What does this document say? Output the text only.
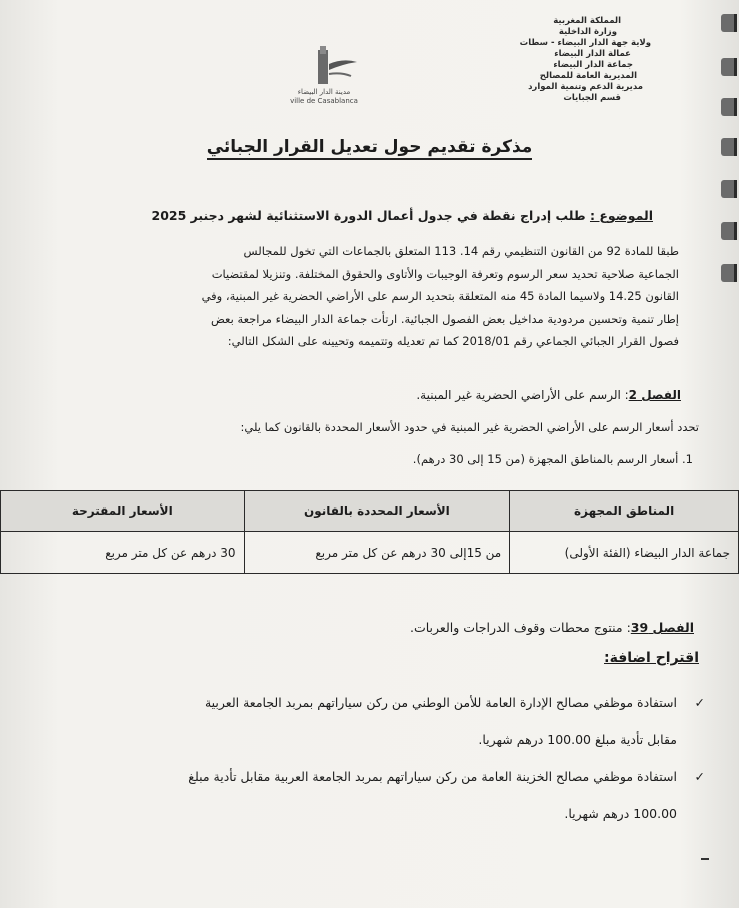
المملكة المغربية
وزارة الداخلية
ولاية جهة الدار البيضاء - سطات
عمالة الدار البيضاء
جماعة الدار البيضاء
المديرية العامة للمصالح
مديرية الدعم وتنمية الموارد
قسم الجبايات
مدينة الدار البيضاء
ville de Casablanca
مذكرة تقديم حول تعديل القرار الجبائي
الموضوع : طلب إدراج نقطة في جدول أعمال الدورة الاستثنائية لشهر دجنبر 2025
طبقا للمادة 92 من القانون التنظيمي رقم 14. 113 المتعلق بالجماعات التي تخول للمجالس
الجماعية صلاحية تحديد سعر الرسوم وتعرفة الوجيبات والأتاوى والحقوق المختلفة. وتنزيلا لمقتضيات
القانون 14.25 ولاسيما المادة 45 منه المتعلقة بتحديد الرسم على الأراضي الحضرية غير المبنية، وفي
إطار تنمية وتحسين مردودية مداخيل بعض الفصول الجبائية. ارتأت جماعة الدار البيضاء مراجعة بعض
فصول القرار الجبائي الجماعي رقم 2018/01 كما تم تعديله وتتميمه وتحيينه على الشكل التالي:
الفصل 2: الرسم على الأراضي الحضرية غير المبنية.
تحدد أسعار الرسم على الأراضي الحضرية غير المبنية في حدود الأسعار المحددة بالقانون كما يلي:
1. أسعار الرسم بالمناطق المجهزة (من 15 إلى 30 درهم).
المناطق المجهزة	الأسعار المحددة بالقانون	الأسعار المقترحة
جماعة الدار البيضاء (الفئة الأولى)	من 15إلى 30 درهم عن كل متر مربع	30 درهم عن كل متر مربع
الفصل 39: منتوج محطات وقوف الدراجات والعربات.
اقتراح اضافة:
✓
استفادة موظفي مصالح الإدارة العامة للأمن الوطني من ركن سياراتهم بمربد الجامعة العربية
مقابل تأدية مبلغ 100.00 درهم شهريا.
✓
استفادة موظفي مصالح الخزينة العامة من ركن سياراتهم بمربد الجامعة العربية مقابل تأدية مبلغ
100.00 درهم شهريا.
